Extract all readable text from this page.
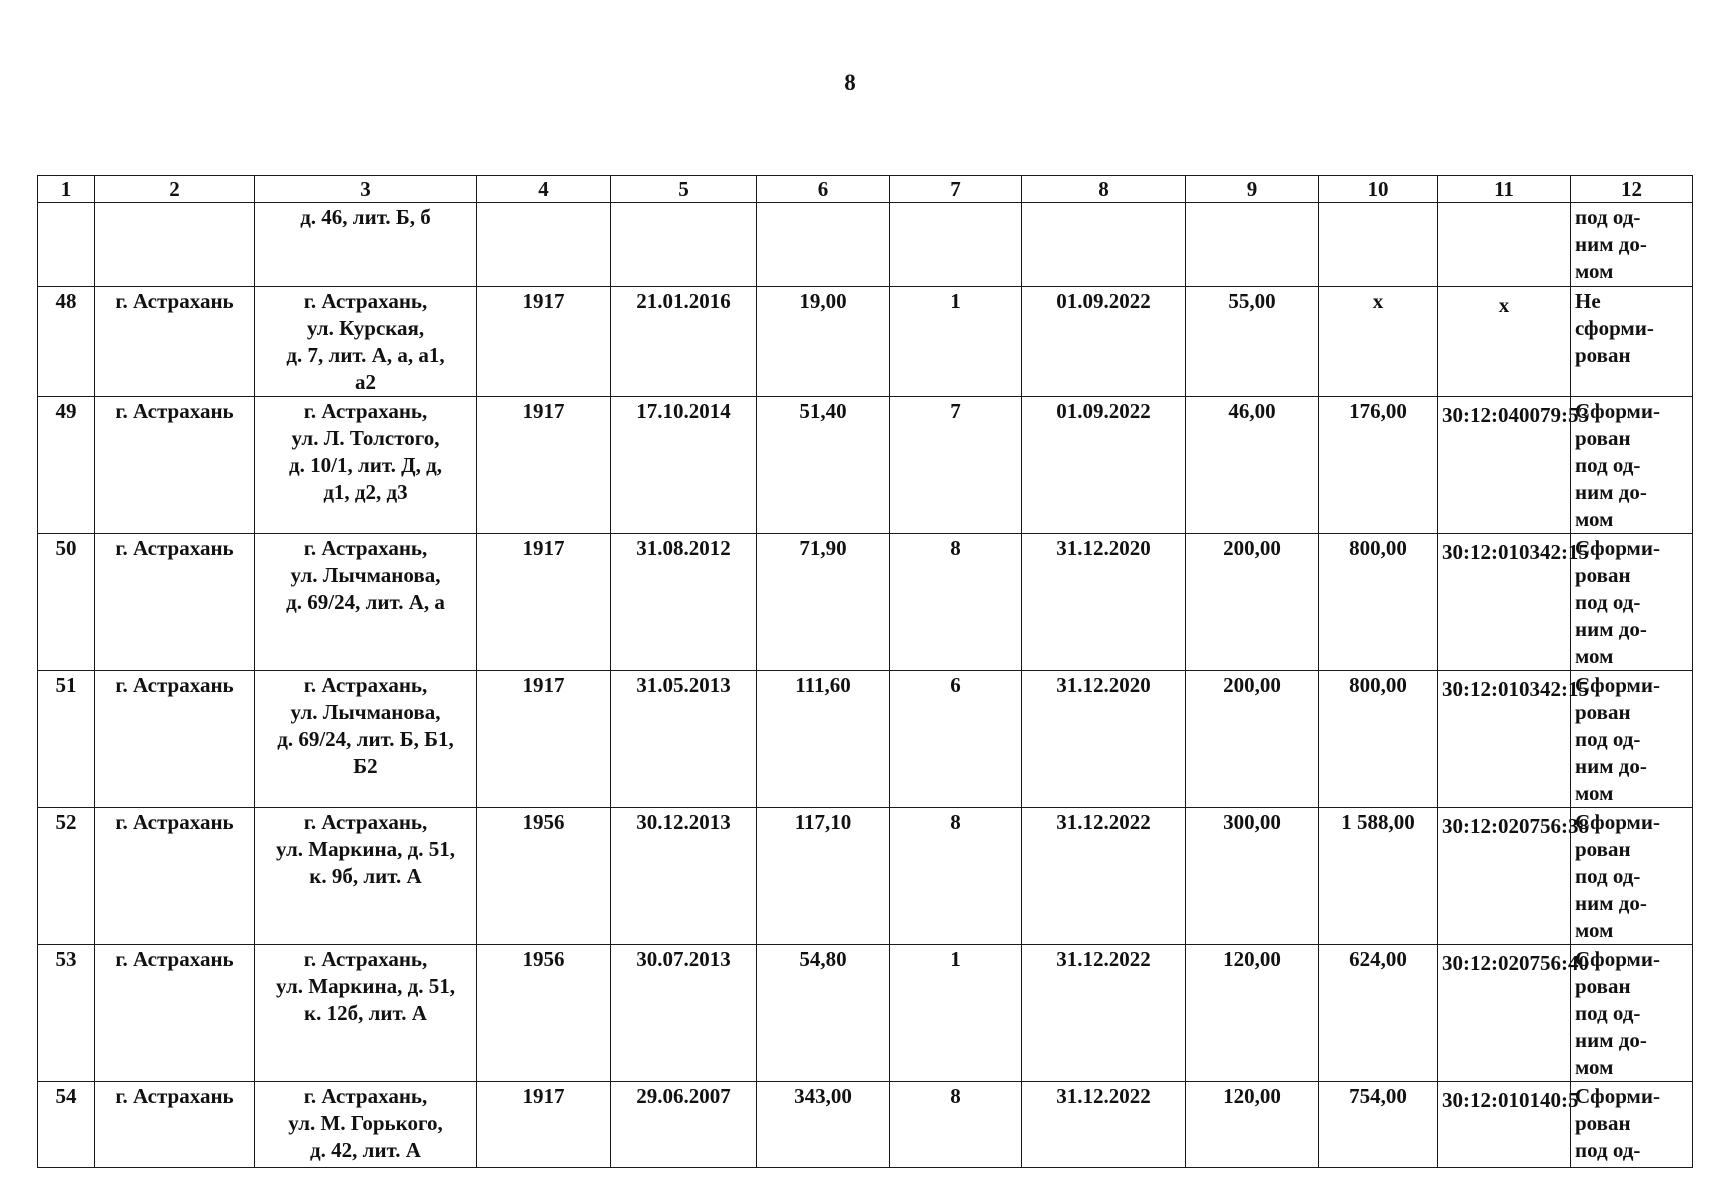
8
1	2	3	4	5	6	7	8	9	10	11	12
		д. 46, лит. Б, б									под од-
ним до-
мом
48	г. Астрахань	г. Астрахань,
ул. Курская,
д. 7, лит. А, а, а1,
а2	1917	21.01.2016	19,00	1	01.09.2022	55,00	х	х	Не
сформи-
рован
49	г. Астрахань	г. Астрахань,
ул. Л. Толстого,
д. 10/1, лит. Д, д,
д1, д2, д3	1917	17.10.2014	51,40	7	01.09.2022	46,00	176,00	30:12:040079:53	Сформи-
рован
под од-
ним до-
мом
50	г. Астрахань	г. Астрахань,
ул. Лычманова,
д. 69/24, лит. А, а	1917	31.08.2012	71,90	8	31.12.2020	200,00	800,00	30:12:010342:15	Сформи-
рован
под од-
ним до-
мом
51	г. Астрахань	г. Астрахань,
ул. Лычманова,
д. 69/24, лит. Б, Б1,
Б2	1917	31.05.2013	111,60	6	31.12.2020	200,00	800,00	30:12:010342:15	Сформи-
рован
под од-
ним до-
мом
52	г. Астрахань	г. Астрахань,
ул. Маркина, д. 51,
к. 9б, лит. А	1956	30.12.2013	117,10	8	31.12.2022	300,00	1 588,00	30:12:020756:38	Сформи-
рован
под од-
ним до-
мом
53	г. Астрахань	г. Астрахань,
ул. Маркина, д. 51,
к. 12б, лит. А	1956	30.07.2013	54,80	1	31.12.2022	120,00	624,00	30:12:020756:40	Сформи-
рован
под од-
ним до-
мом
54	г. Астрахань	г. Астрахань,
ул. М. Горького,
д. 42, лит. А	1917	29.06.2007	343,00	8	31.12.2022	120,00	754,00	30:12:010140:5	Сформи-
рован
под од-
